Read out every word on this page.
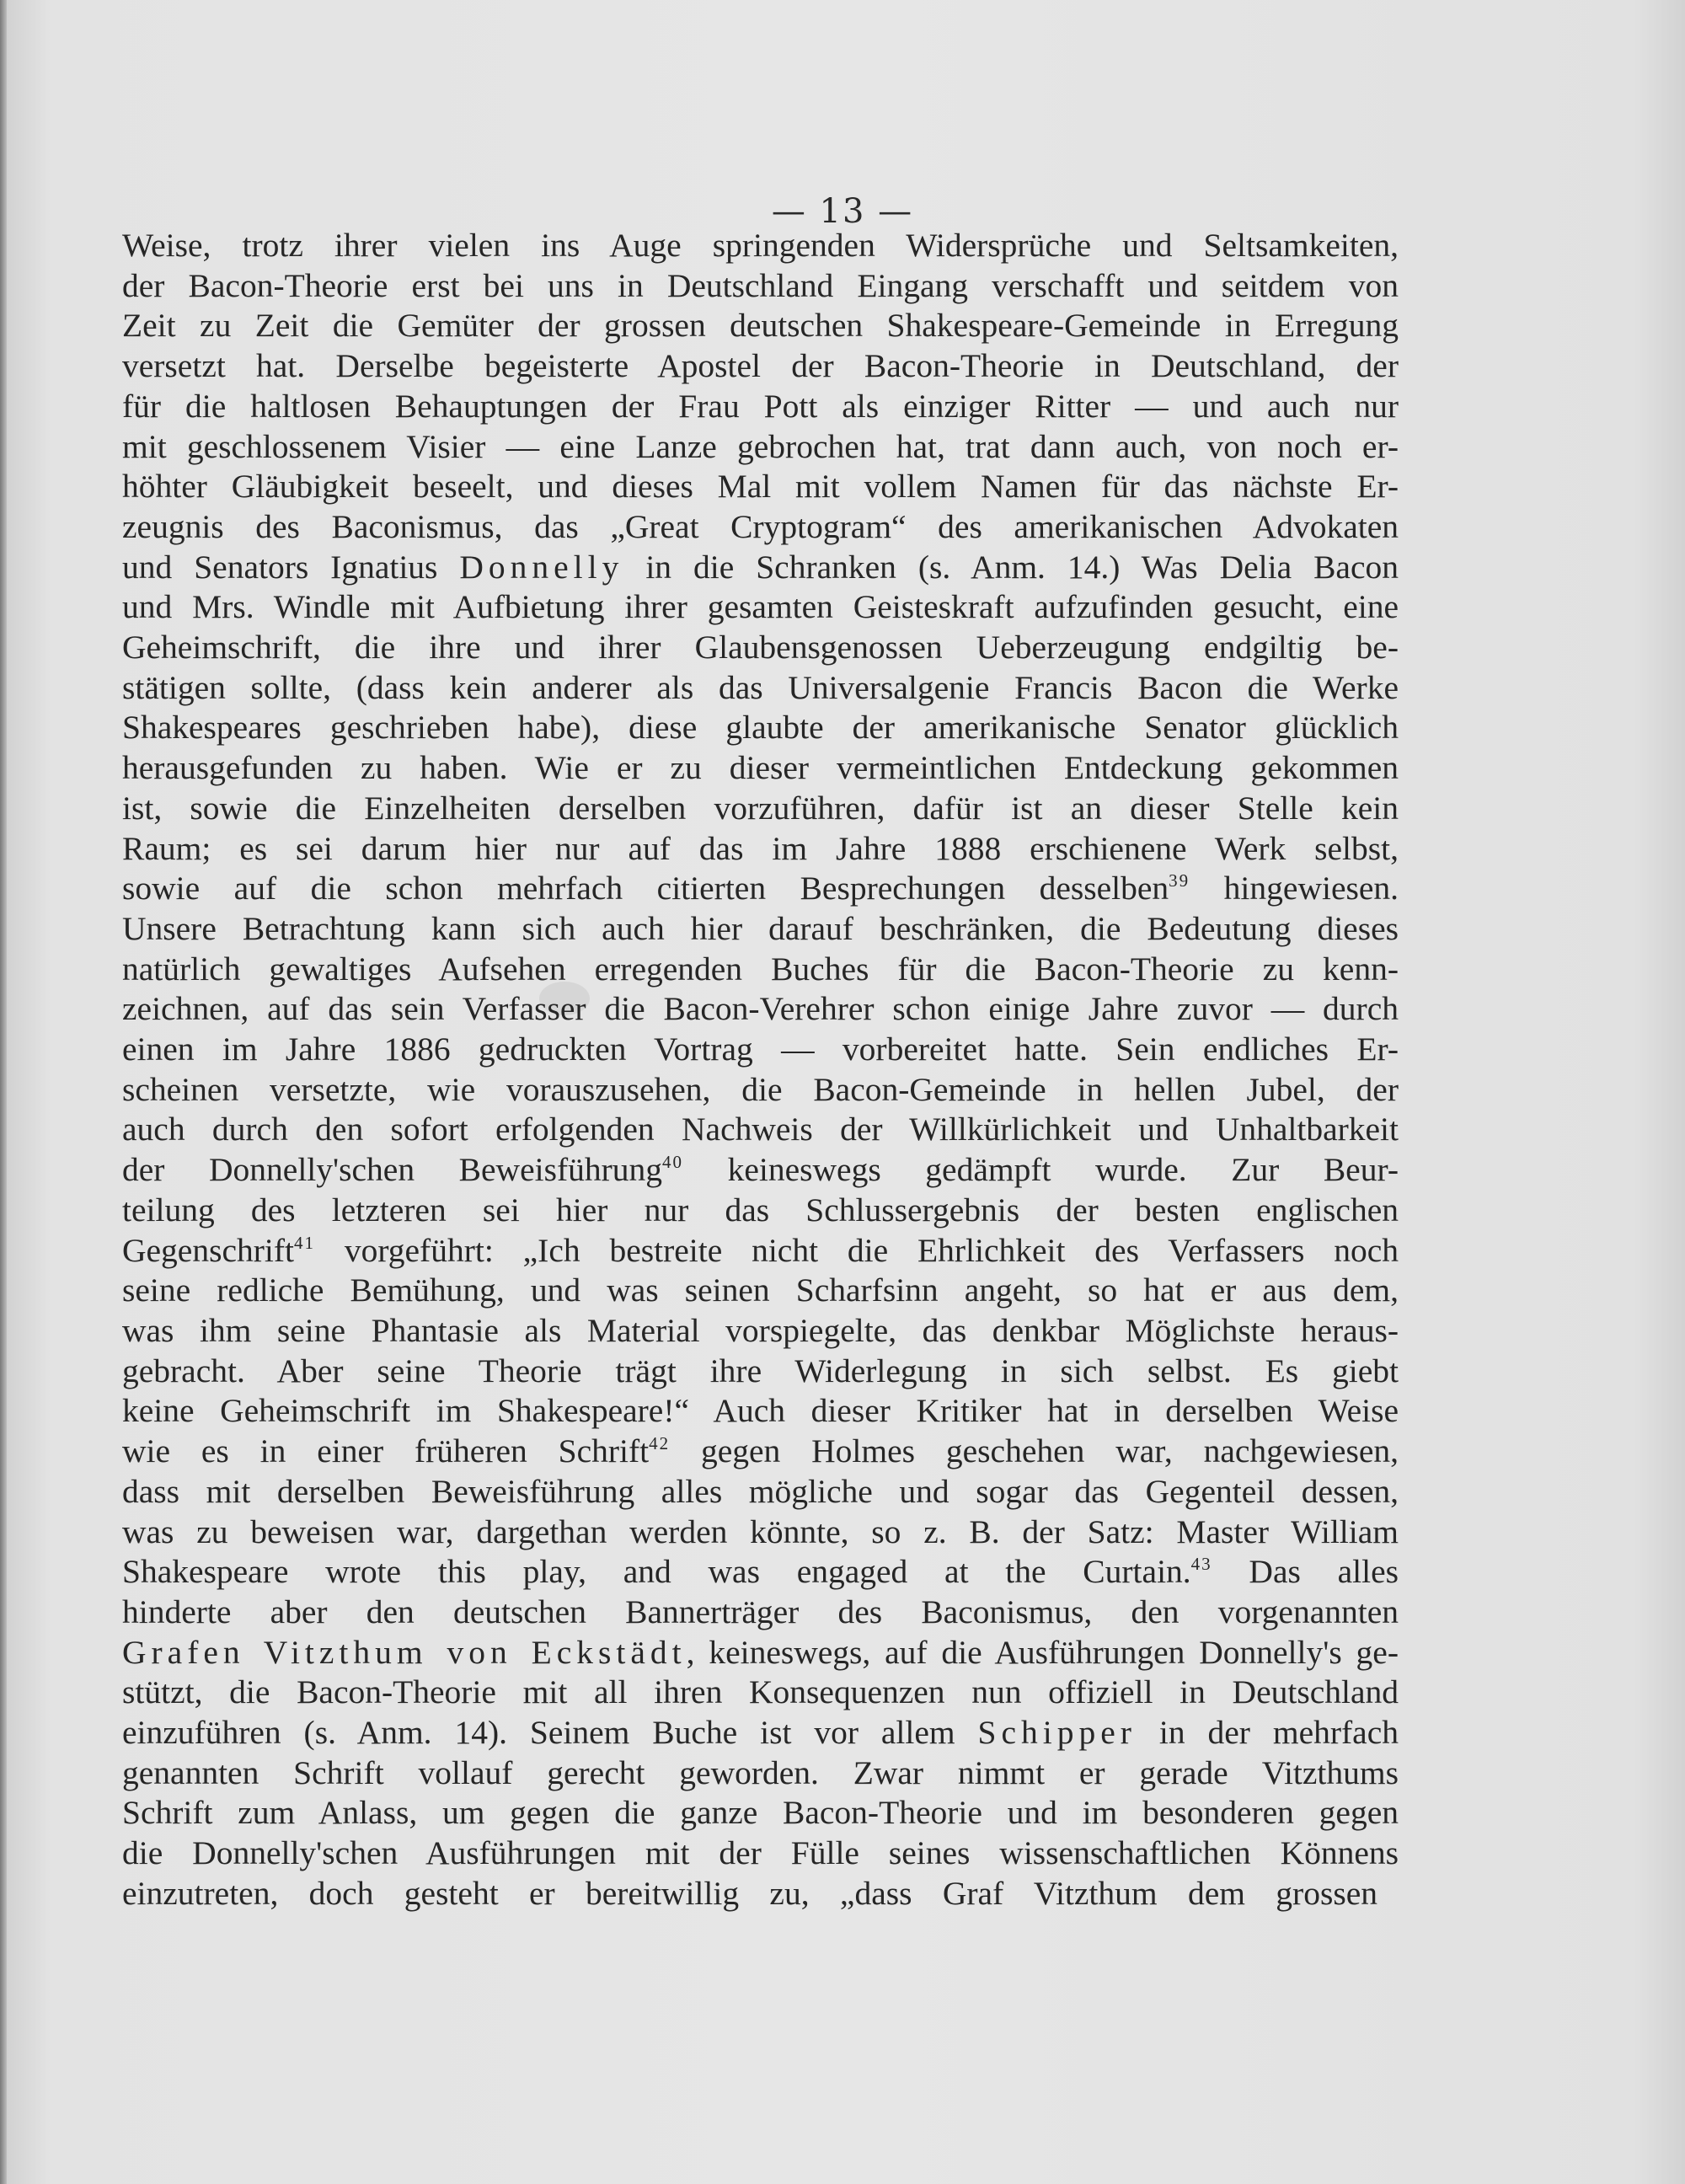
— 13 —
Weise, trotz ihrer vielen ins Auge springenden Widersprüche und Seltsamkeiten,
der Bacon-Theorie erst bei uns in Deutschland Eingang verschafft und seitdem von
Zeit zu Zeit die Gemüter der grossen deutschen Shakespeare-Gemeinde in Erregung
versetzt hat. Derselbe begeisterte Apostel der Bacon-Theorie in Deutschland, der
für die haltlosen Behauptungen der Frau Pott als einziger Ritter — und auch nur
mit geschlossenem Visier — eine Lanze gebrochen hat, trat dann auch, von noch er-
höhter Gläubigkeit beseelt, und dieses Mal mit vollem Namen für das nächste Er-
zeugnis des Baconismus, das „Great Cryptogram“ des amerikanischen Advokaten
und Senators Ignatius Donnelly in die Schranken (s. Anm. 14.) Was Delia Bacon
und Mrs. Windle mit Aufbietung ihrer gesamten Geisteskraft aufzufinden gesucht, eine
Geheimschrift, die ihre und ihrer Glaubensgenossen Ueberzeugung endgiltig be-
stätigen sollte, (dass kein anderer als das Universalgenie Francis Bacon die Werke
Shakespeares geschrieben habe), diese glaubte der amerikanische Senator glücklich
herausgefunden zu haben. Wie er zu dieser vermeintlichen Entdeckung gekommen
ist, sowie die Einzelheiten derselben vorzuführen, dafür ist an dieser Stelle kein
Raum; es sei darum hier nur auf das im Jahre 1888 erschienene Werk selbst,
sowie auf die schon mehrfach citierten Besprechungen desselben$^{39}$ hingewiesen.
Unsere Betrachtung kann sich auch hier darauf beschränken, die Bedeutung dieses
natürlich gewaltiges Aufsehen erregenden Buches für die Bacon-Theorie zu kenn-
zeichnen, auf das sein Verfasser die Bacon-Verehrer schon einige Jahre zuvor — durch
einen im Jahre 1886 gedruckten Vortrag — vorbereitet hatte. Sein endliches Er-
scheinen versetzte, wie vorauszusehen, die Bacon-Gemeinde in hellen Jubel, der
auch durch den sofort erfolgenden Nachweis der Willkürlichkeit und Unhaltbarkeit
der Donnelly'schen Beweisführung$^{40}$ keineswegs gedämpft wurde. Zur Beur-
teilung des letzteren sei hier nur das Schlussergebnis der besten englischen
Gegenschrift$^{41}$ vorgeführt: „Ich bestreite nicht die Ehrlichkeit des Verfassers noch
seine redliche Bemühung, und was seinen Scharfsinn angeht, so hat er aus dem,
was ihm seine Phantasie als Material vorspiegelte, das denkbar Möglichste heraus-
gebracht. Aber seine Theorie trägt ihre Widerlegung in sich selbst. Es giebt
keine Geheimschrift im Shakespeare!“ Auch dieser Kritiker hat in derselben Weise
wie es in einer früheren Schrift$^{42}$ gegen Holmes geschehen war, nachgewiesen,
dass mit derselben Beweisführung alles mögliche und sogar das Gegenteil dessen,
was zu beweisen war, dargethan werden könnte, so z. B. der Satz: Master William
Shakespeare wrote this play, and was engaged at the Curtain.$^{43}$ Das alles
hinderte aber den deutschen Bannerträger des Baconismus, den vorgenannten
Grafen Vitzthum von Eckstädt, keineswegs, auf die Ausführungen Donnelly's ge-
stützt, die Bacon-Theorie mit all ihren Konsequenzen nun offiziell in Deutschland
einzuführen (s. Anm. 14). Seinem Buche ist vor allem Schipper in der mehrfach
genannten Schrift vollauf gerecht geworden. Zwar nimmt er gerade Vitzthums
Schrift zum Anlass, um gegen die ganze Bacon-Theorie und im besonderen gegen
die Donnelly'schen Ausführungen mit der Fülle seines wissenschaftlichen Könnens
einzutreten, doch gesteht er bereitwillig zu, „dass Graf Vitzthum dem grossen
